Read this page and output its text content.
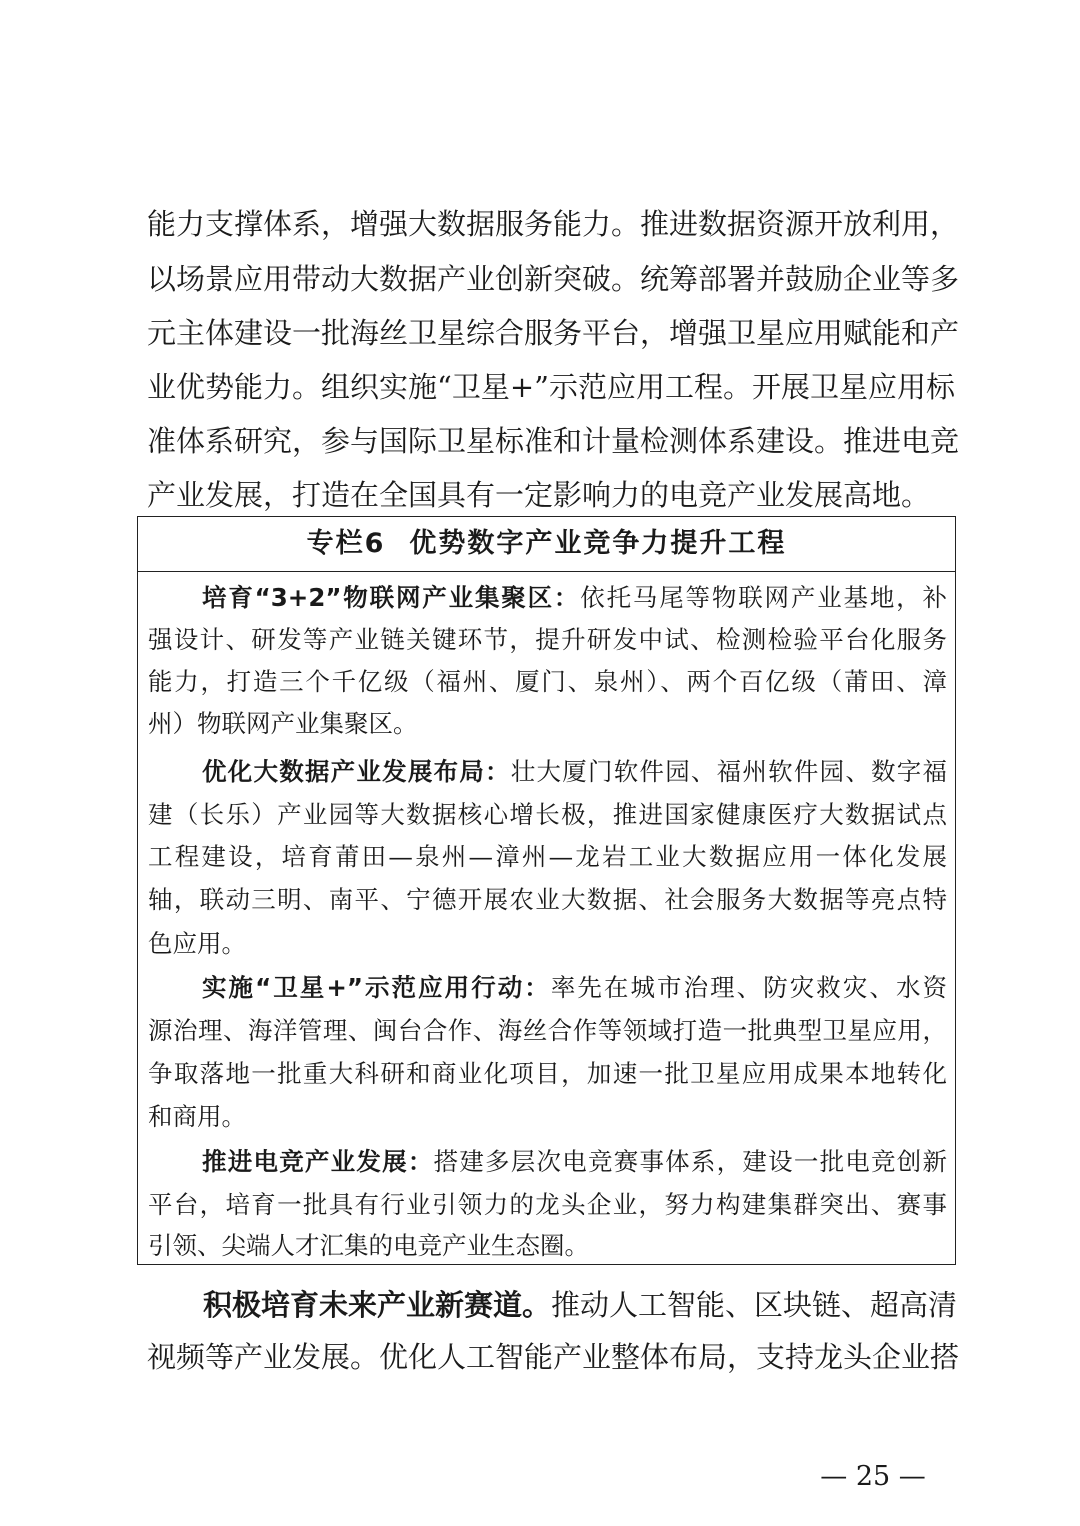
能力支撑体系，增强大数据服务能力。推进数据资源开放利用，
以场景应用带动大数据产业创新突破。统筹部署并鼓励企业等多
元主体建设一批海丝卫星综合服务平台，增强卫星应用赋能和产
业优势能力。组织实施“卫星+”示范应用工程。开展卫星应用标
准体系研究，参与国际卫星标准和计量检测体系建设。推进电竞
产业发展，打造在全国具有一定影响力的电竞产业发展高地。
专栏6 优势数字产业竞争力提升工程
培育“3+2”物联网产业集聚区：依托马尾等物联网产业基地，补
强设计、研发等产业链关键环节，提升研发中试、检测检验平台化服务
能力，打造三个千亿级（福州、厦门、泉州）、两个百亿级（莆田、漳
州）物联网产业集聚区。
优化大数据产业发展布局：壮大厦门软件园、福州软件园、数字福
建（长乐）产业园等大数据核心增长极，推进国家健康医疗大数据试点
工程建设，培育莆田—泉州—漳州—龙岩工业大数据应用一体化发展
轴，联动三明、南平、宁德开展农业大数据、社会服务大数据等亮点特
色应用。
实施“卫星+”示范应用行动：率先在城市治理、防灾救灾、水资
源治理、海洋管理、闽台合作、海丝合作等领域打造一批典型卫星应用，
争取落地一批重大科研和商业化项目，加速一批卫星应用成果本地转化
和商用。
推进电竞产业发展：搭建多层次电竞赛事体系，建设一批电竞创新
平台，培育一批具有行业引领力的龙头企业，努力构建集群突出、赛事
引领、尖端人才汇集的电竞产业生态圈。
积极培育未来产业新赛道。推动人工智能、区块链、超高清
视频等产业发展。优化人工智能产业整体布局，支持龙头企业搭
— 25 —
